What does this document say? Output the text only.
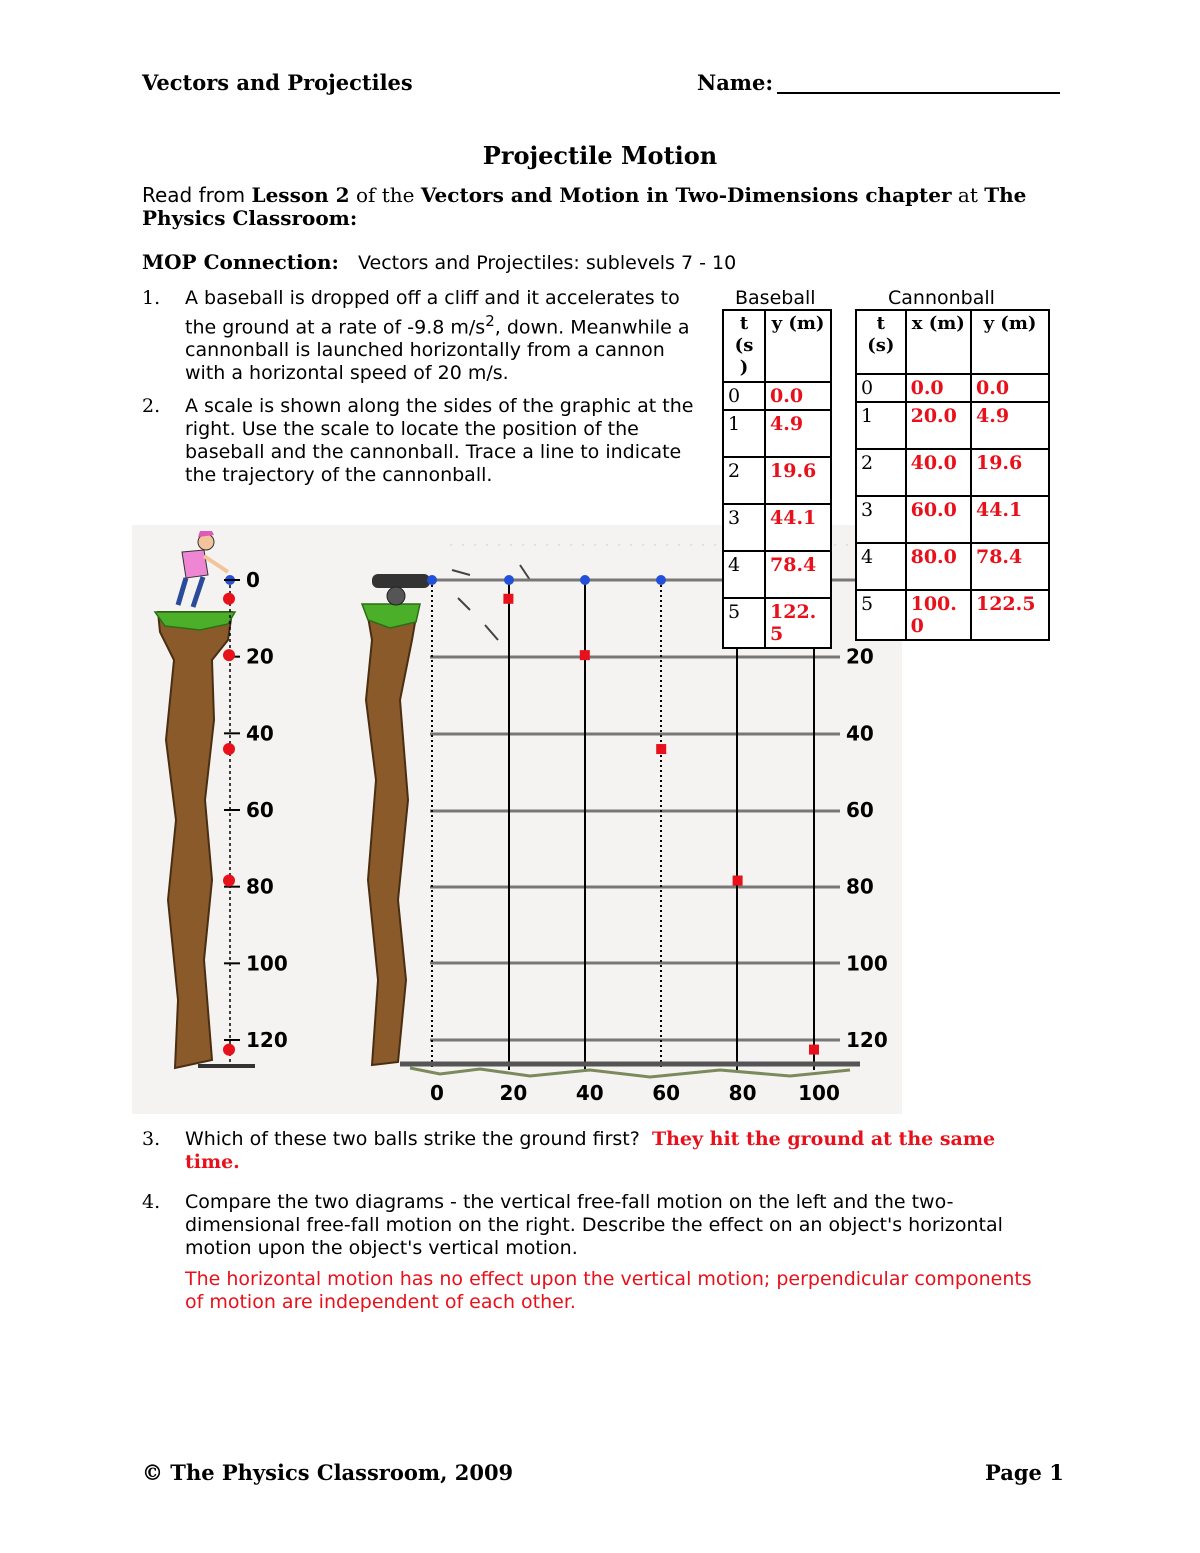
Vectors and Projectiles	Name:
Projectile Motion
Read from Lesson 2 of the Vectors and Motion in Two-Dimensions chapter at The Physics Classroom:
MOP Connection: Vectors and Projectiles: sublevels 7 - 10
1. A baseball is dropped off a cliff and it accelerates to the ground at a rate of -9.8 $m/s^2$, down. Meanwhile a cannonball is launched horizontally from a cannon with a horizontal speed of 20 m/s.
2. A scale is shown along the sides of the graphic at the right. Use the scale to locate the position of the baseball and the cannonball. Trace a line to indicate the trajectory of the cannonball.
0
20
40
60
80
100
120
20
40
60
80
100
120
0	20 40 60 80 100
Baseball	Cannonball
t (s )	y (m)
0	0.0
1	4.9
2	19.6
3	44.1
4	78.4
5	122.5
t (s)	x (m)	y (m)
0	0.0	0.0
1	20.0	4.9
2	40.0	19.6
3	60.0	44.1
4	80.0	78.4
5	100.0	122.5
3. Which of these two balls strike the ground first? They hit the ground at the same time.
4. Compare the two diagrams - the vertical free-fall motion on the left and the two-dimensional free-fall motion on the right. Describe the effect on an object's horizontal motion upon the object's vertical motion.
The horizontal motion has no effect upon the vertical motion; perpendicular components of motion are independent of each other.
© The Physics Classroom, 2009	Page 1
